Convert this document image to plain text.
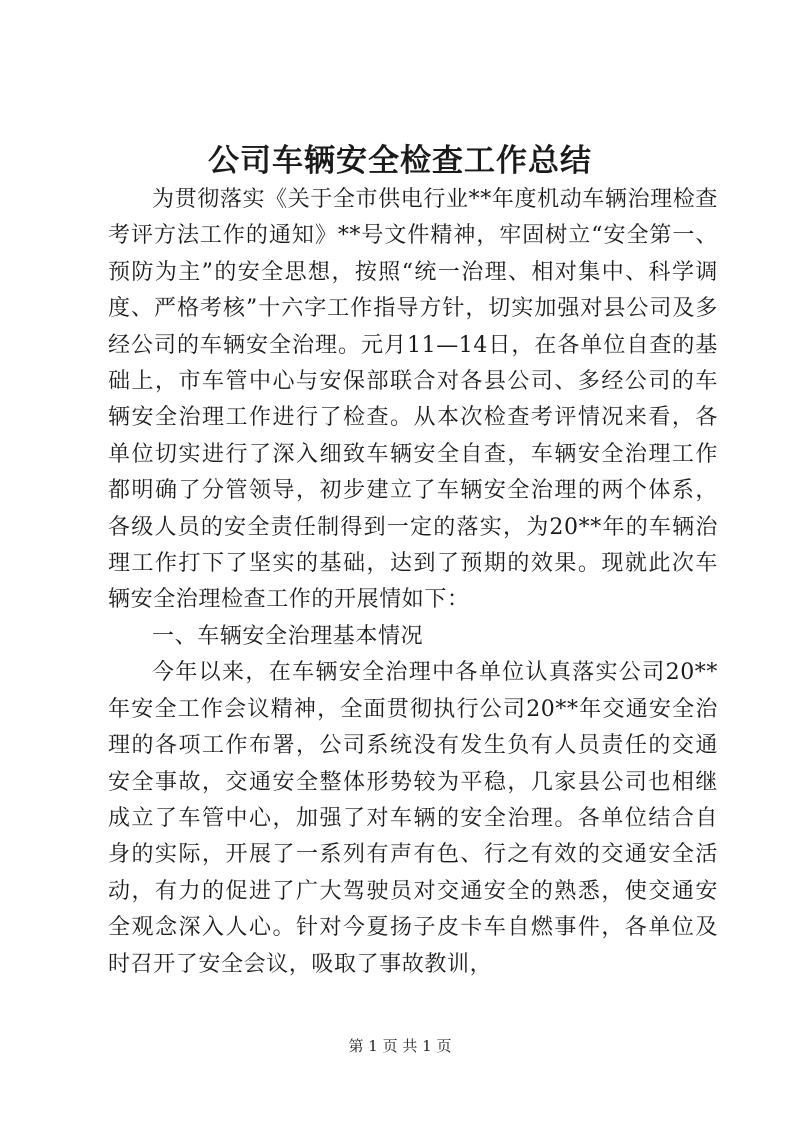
公司车辆安全检查工作总结

为贯彻落实《关于全市供电行业**年度机动车辆治理检查考评方法工作的通知》**号文件精神，牢固树立“安全第一、预防为主”的安全思想，按照“统一治理、相对集中、科学调度、严格考核”十六字工作指导方针，切实加强对县公司及多经公司的车辆安全治理。元月11—14日，在各单位自查的基础上，市车管中心与安保部联合对各县公司、多经公司的车辆安全治理工作进行了检查。从本次检查考评情况来看，各单位切实进行了深入细致车辆安全自查，车辆安全治理工作都明确了分管领导，初步建立了车辆安全治理的两个体系，各级人员的安全责任制得到一定的落实，为20**年的车辆治理工作打下了坚实的基础，达到了预期的效果。现就此次车辆安全治理检查工作的开展情如下：

一、车辆安全治理基本情况

今年以来，在车辆安全治理中各单位认真落实公司20**年安全工作会议精神，全面贯彻执行公司20**年交通安全治理的各项工作布署，公司系统没有发生负有人员责任的交通安全事故，交通安全整体形势较为平稳，几家县公司也相继成立了车管中心，加强了对车辆的安全治理。各单位结合自身的实际，开展了一系列有声有色、行之有效的交通安全活动，有力的促进了广大驾驶员对交通安全的熟悉，使交通安全观念深入人心。针对今夏扬子皮卡车自燃事件，各单位及时召开了安全会议，吸取了事故教训，

第 1 页 共 1 页
